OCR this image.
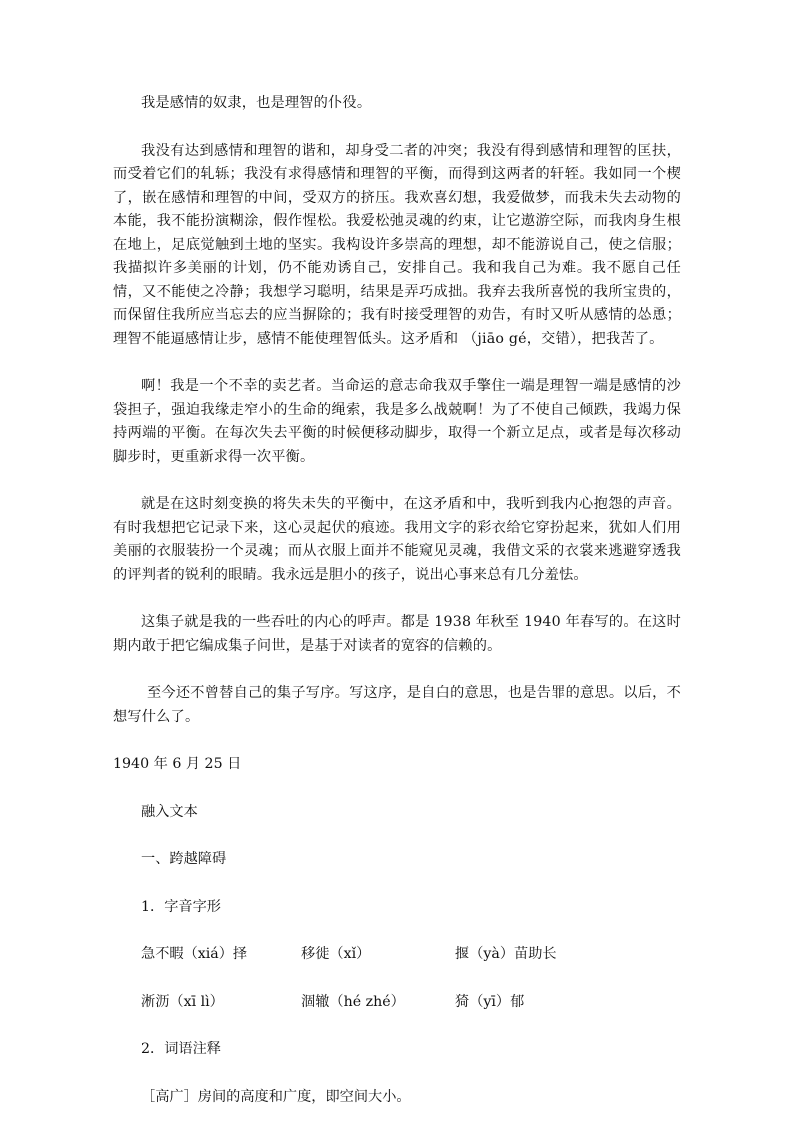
我是感情的奴隶，也是理智的仆役。

我没有达到感情和理智的谐和，却身受二者的冲突；我没有得到感情和理智的匡扶，而受着它们的轧轹；我没有求得感情和理智的平衡，而得到这两者的轩轾。我如同一个楔了，嵌在感情和理智的中间，受双方的挤压。我欢喜幻想，我爱做梦，而我未失去动物的本能，我不能扮演糊涂，假作惺松。我爱松弛灵魂的约束，让它遨游空际，而我肉身生根在地上，足底觉触到土地的坚实。我构设许多崇高的理想，却不能游说自己，使之信服；我描拟许多美丽的计划，仍不能劝诱自己，安排自己。我和我自己为难。我不愿自己任情，又不能使之冷静；我想学习聪明，结果是弄巧成拙。我弃去我所喜悦的我所宝贵的，而保留住我所应当忘去的应当摒除的；我有时接受理智的劝告，有时又听从感情的怂恿；理智不能逼感情让步，感情不能使理智低头。这矛盾和 （jiāo gé，交错），把我苦了。

啊！我是一个不幸的卖艺者。当命运的意志命我双手擎住一端是理智一端是感情的沙袋担子，强迫我缘走窄小的生命的绳索，我是多么战兢啊！为了不使自己倾跌，我竭力保持两端的平衡。在每次失去平衡的时候便移动脚步，取得一个新立足点，或者是每次移动脚步时，更重新求得一次平衡。

就是在这时刻变换的将失未失的平衡中，在这矛盾和中，我听到我内心抱怨的声音。有时我想把它记录下来，这心灵起伏的痕迹。我用文字的彩衣给它穿扮起来，犹如人们用美丽的衣服装扮一个灵魂；而从衣服上面并不能窥见灵魂，我借文采的衣裳来逃避穿透我的评判者的锐利的眼睛。我永远是胆小的孩子，说出心事来总有几分羞怯。

这集子就是我的一些吞吐的内心的呼声。都是 1938 年秋至 1940 年春写的。在这时期内敢于把它编成集子问世，是基于对读者的宽容的信赖的。

至今还不曾替自己的集子写序。写这序，是自白的意思，也是告罪的意思。以后，不想写什么了。

1940 年 6 月 25 日

融入文本

一、跨越障碍

1．字音字形

急不暇（xiá）择	移徙（xǐ）	揠（yà）苗助长
淅沥（xī lì）	涸辙（hé zhé）	猗（yī）郁

2．词语注释

［高广］房间的高度和广度，即空间大小。
